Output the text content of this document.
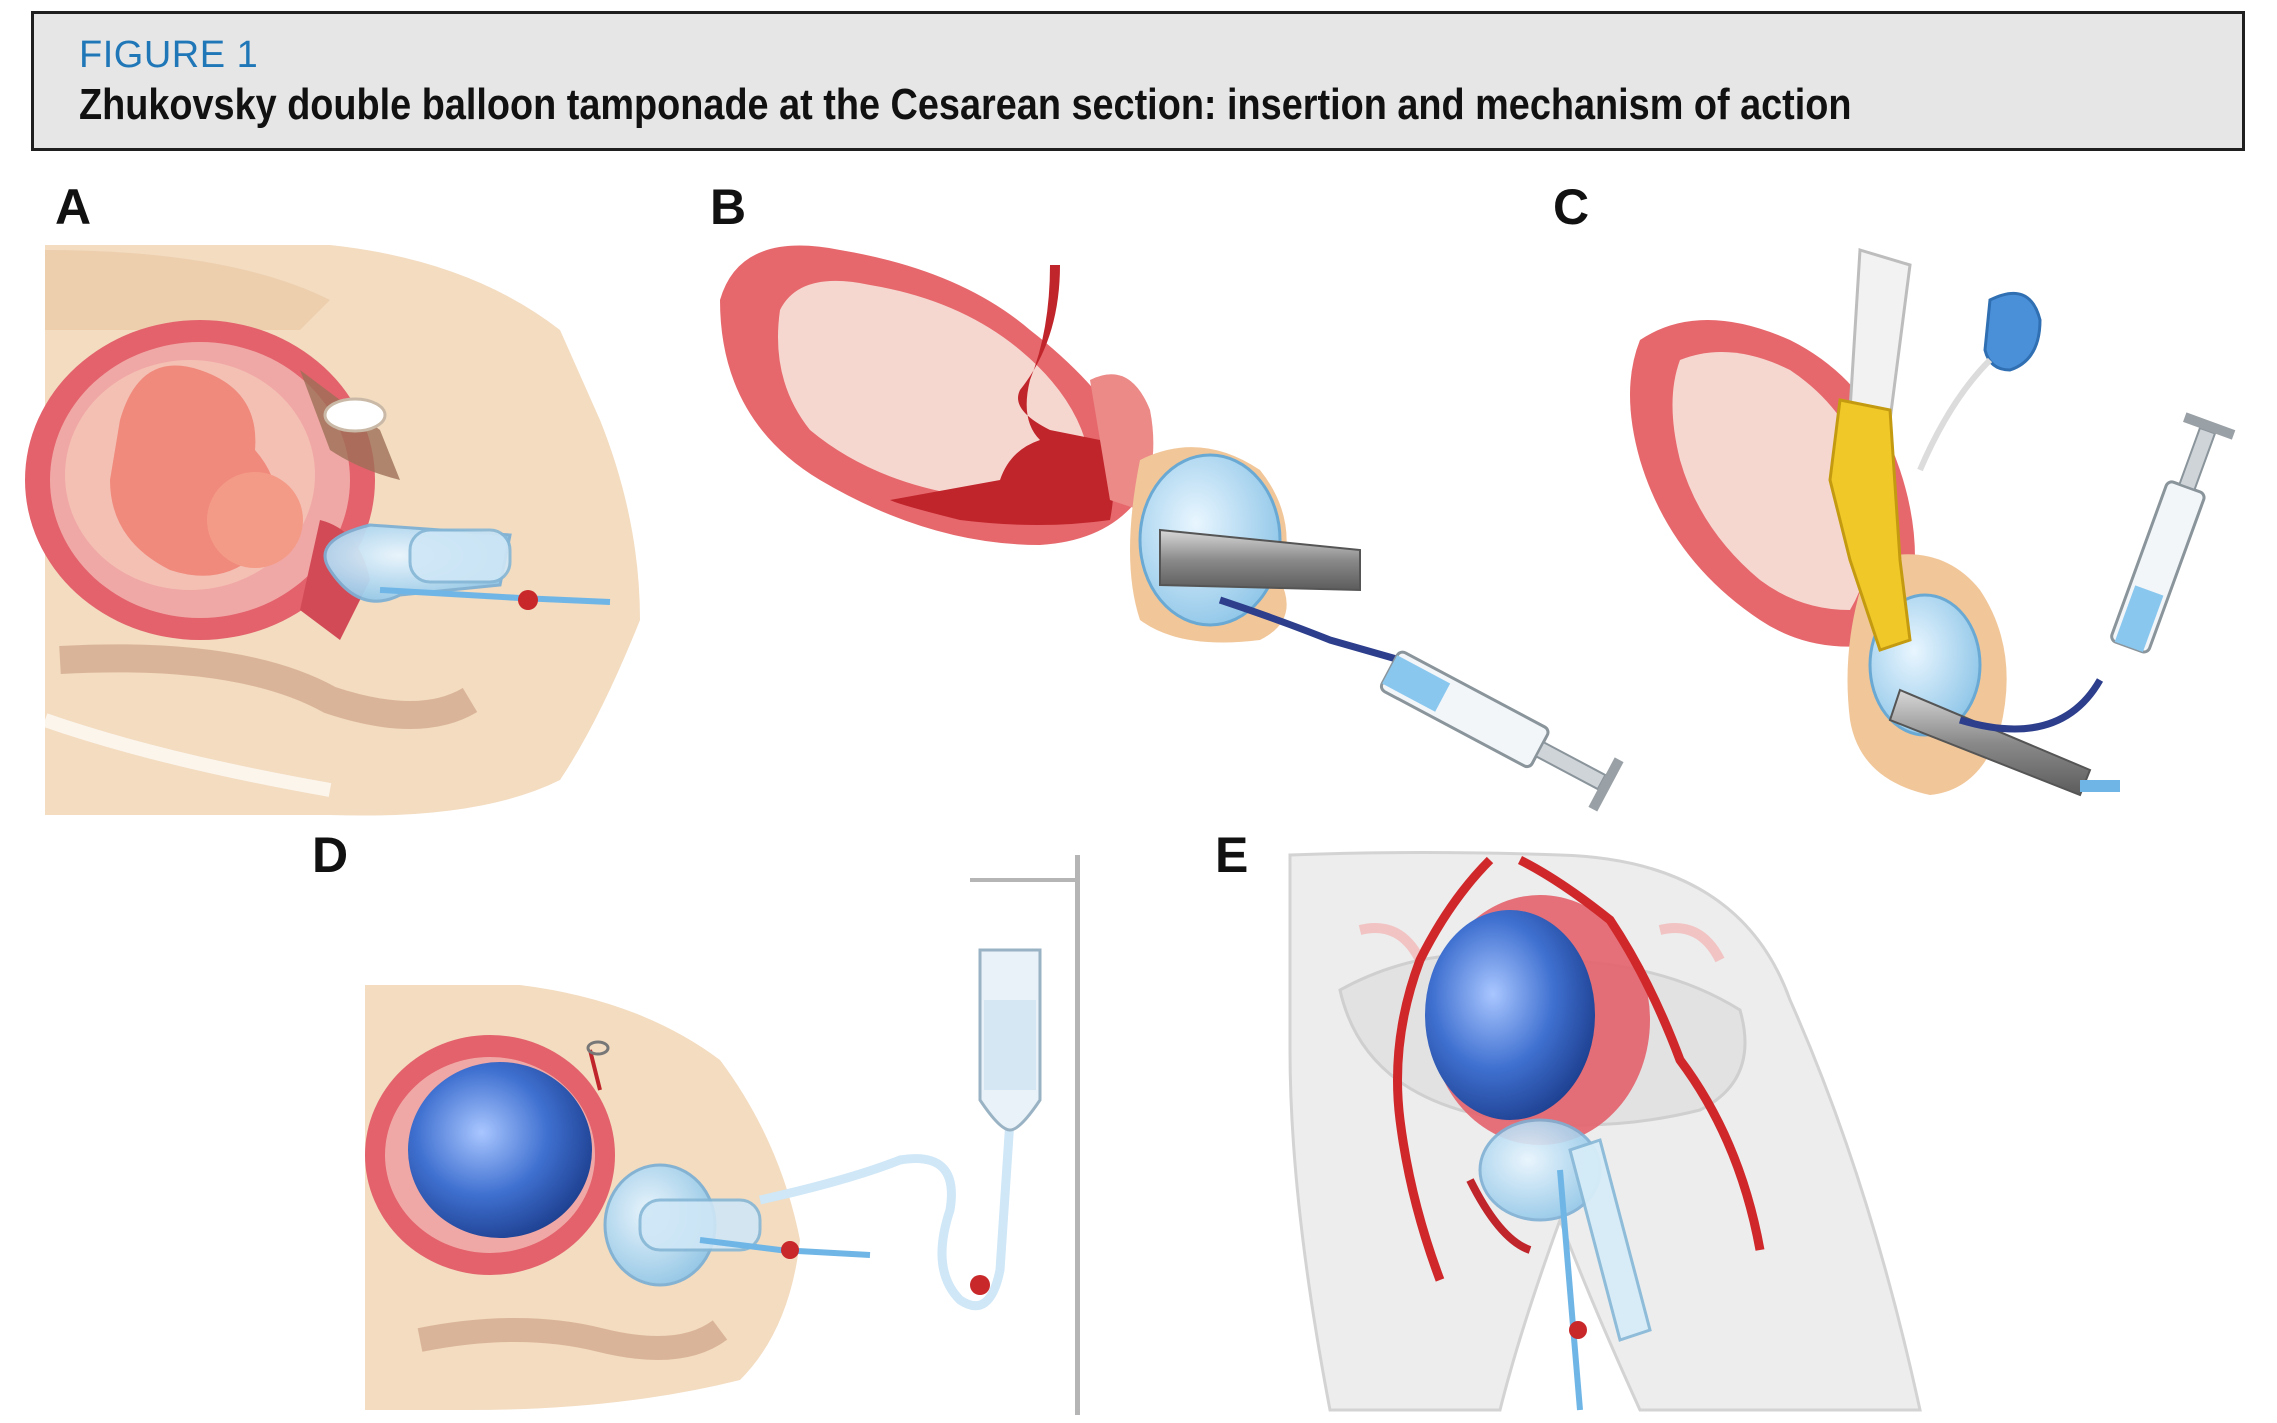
FIGURE 1
Zhukovsky double balloon tamponade at the Cesarean section: insertion and mechanism of action
A	B	C
D	E
